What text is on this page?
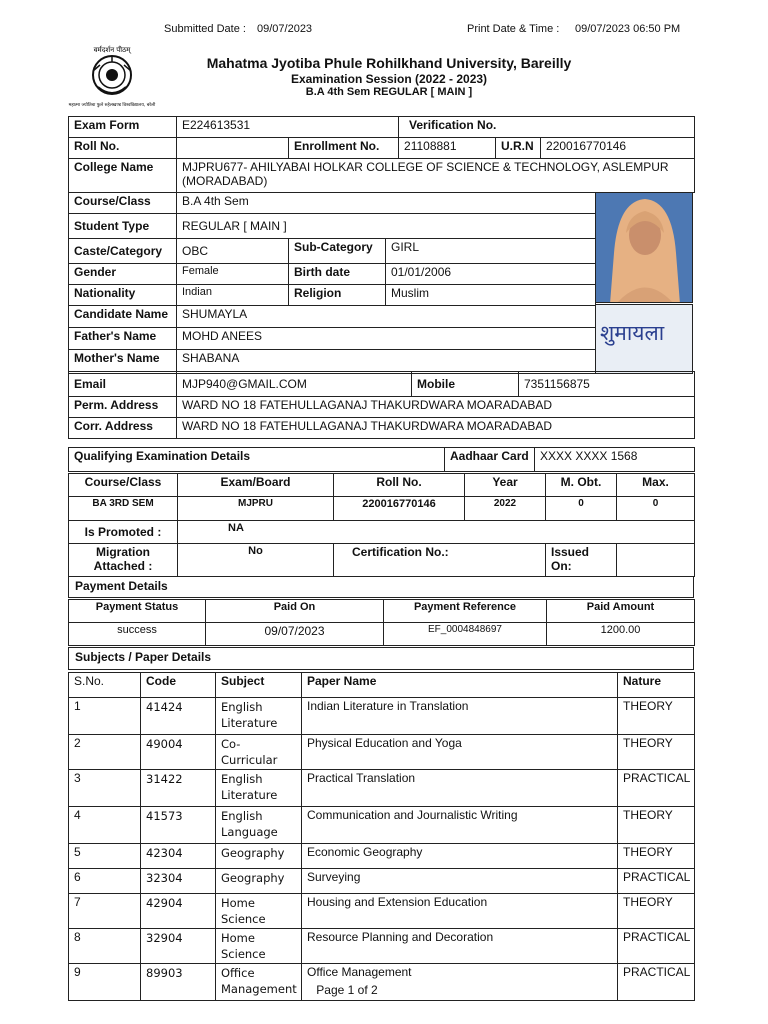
Submitted Date : 09/07/2023	Print Date & Time : 09/07/2023 06:50 PM
वर्मदर्शन पीठम्
महात्मा ज्योतिबा फुले रुहेलखण्ड विश्वविद्यालय, बरेली
Mahatma Jyotiba Phule Rohilkhand University, Bareilly
Examination Session (2022 - 2023)
B.A 4th Sem REGULAR [ MAIN ]
Exam Form	E224613531		Verification No.		
Roll No.		Enrollment No.	21108881	U.R.N	220016770146
College Name	MJPRU677- AHILYABAI HOLKAR COLLEGE OF SCIENCE & TECHNOLOGY, ASLEMPUR (MORADABAD)				
Course/Class	B.A 4th Sem		
Student Type	REGULAR [ MAIN ]		
Caste/Category	OBC	Sub-Category	GIRL
Gender	Female	Birth date	01/01/2006
Nationality	Indian	Religion	Muslim
Candidate Name	SHUMAYLA		
Father's Name	MOHD ANEES		
Mother's Name	SHABANA		
शुमायला
Email	MJP940@GMAIL.COM	Mobile	7351156875
Perm. Address	WARD NO 18 FATEHULLAGANAJ THAKURDWARA MOARADABAD		
Corr. Address	WARD NO 18 FATEHULLAGANAJ THAKURDWARA MOARADABAD		
Qualifying Examination Details	Aadhaar Card	XXXX XXXX 1568
Course/Class	Exam/Board	Roll No.	Year	M. Obt.	Max.
BA 3RD SEM	MJPRU	220016770146	2022	0	0
Is Promoted :	NA				
Migration Attached :	No	Certification No.:		Issued On:	
Payment Details
Payment Status	Paid On	Payment Reference	Paid Amount
success	09/07/2023	EF_0004848697	1200.00
Subjects / Paper Details
S.No.	Code	Subject	Paper Name	Nature
1	41424	English Literature	Indian Literature in Translation	THEORY
2	49004	Co-Curricular	Physical Education and Yoga	THEORY
3	31422	English Literature	Practical Translation	PRACTICAL
4	41573	English Language	Communication and Journalistic Writing	THEORY
5	42304	Geography	Economic Geography	THEORY
6	32304	Geography	Surveying	PRACTICAL
7	42904	Home Science	Housing and Extension Education	THEORY
8	32904	Home Science	Resource Planning and Decoration	PRACTICAL
9	89903	Office Management	Office Management	PRACTICAL
Page 1 of 2
